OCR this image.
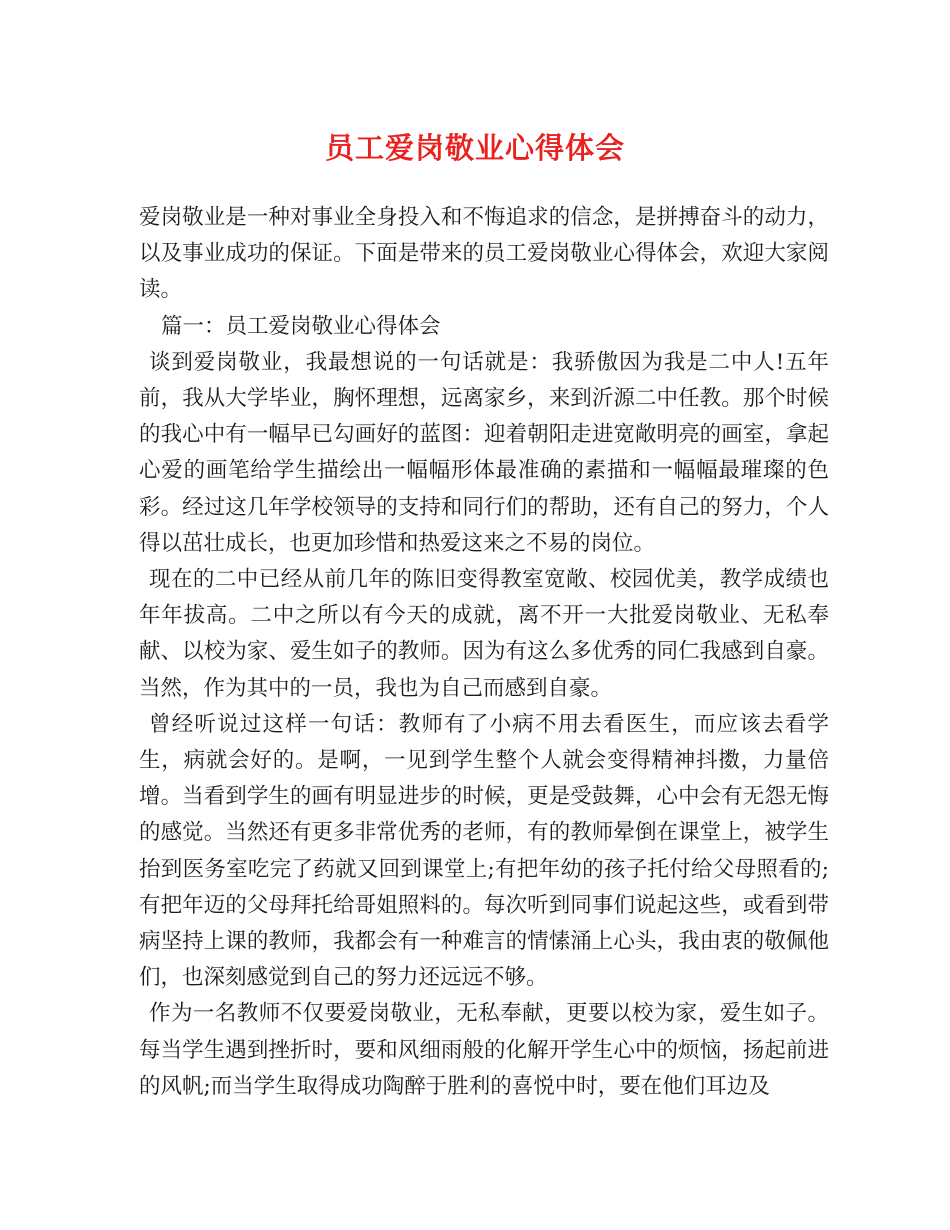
员工爱岗敬业心得体会

爱岗敬业是一种对事业全身投入和不悔追求的信念，是拼搏奋斗的动力，以及事业成功的保证。下面是带来的员工爱岗敬业心得体会，欢迎大家阅读。

篇一：员工爱岗敬业心得体会

谈到爱岗敬业，我最想说的一句话就是：我骄傲因为我是二中人!五年前，我从大学毕业，胸怀理想，远离家乡，来到沂源二中任教。那个时候的我心中有一幅早已勾画好的蓝图：迎着朝阳走进宽敞明亮的画室，拿起心爱的画笔给学生描绘出一幅幅形体最准确的素描和一幅幅最璀璨的色彩。经过这几年学校领导的支持和同行们的帮助，还有自己的努力，个人得以茁壮成长，也更加珍惜和热爱这来之不易的岗位。

现在的二中已经从前几年的陈旧变得教室宽敞、校园优美，教学成绩也年年拔高。二中之所以有今天的成就，离不开一大批爱岗敬业、无私奉献、以校为家、爱生如子的教师。因为有这么多优秀的同仁我感到自豪。当然，作为其中的一员，我也为自己而感到自豪。

曾经听说过这样一句话：教师有了小病不用去看医生，而应该去看学生，病就会好的。是啊，一见到学生整个人就会变得精神抖擞，力量倍增。当看到学生的画有明显进步的时候，更是受鼓舞，心中会有无怨无悔的感觉。当然还有更多非常优秀的老师，有的教师晕倒在课堂上，被学生抬到医务室吃完了药就又回到课堂上;有把年幼的孩子托付给父母照看的;有把年迈的父母拜托给哥姐照料的。每次听到同事们说起这些，或看到带病坚持上课的教师，我都会有一种难言的情愫涌上心头，我由衷的敬佩他们，也深刻感觉到自己的努力还远远不够。

作为一名教师不仅要爱岗敬业，无私奉献，更要以校为家，爱生如子。每当学生遇到挫折时，要和风细雨般的化解开学生心中的烦恼，扬起前进的风帆;而当学生取得成功陶醉于胜利的喜悦中时，要在他们耳边及
